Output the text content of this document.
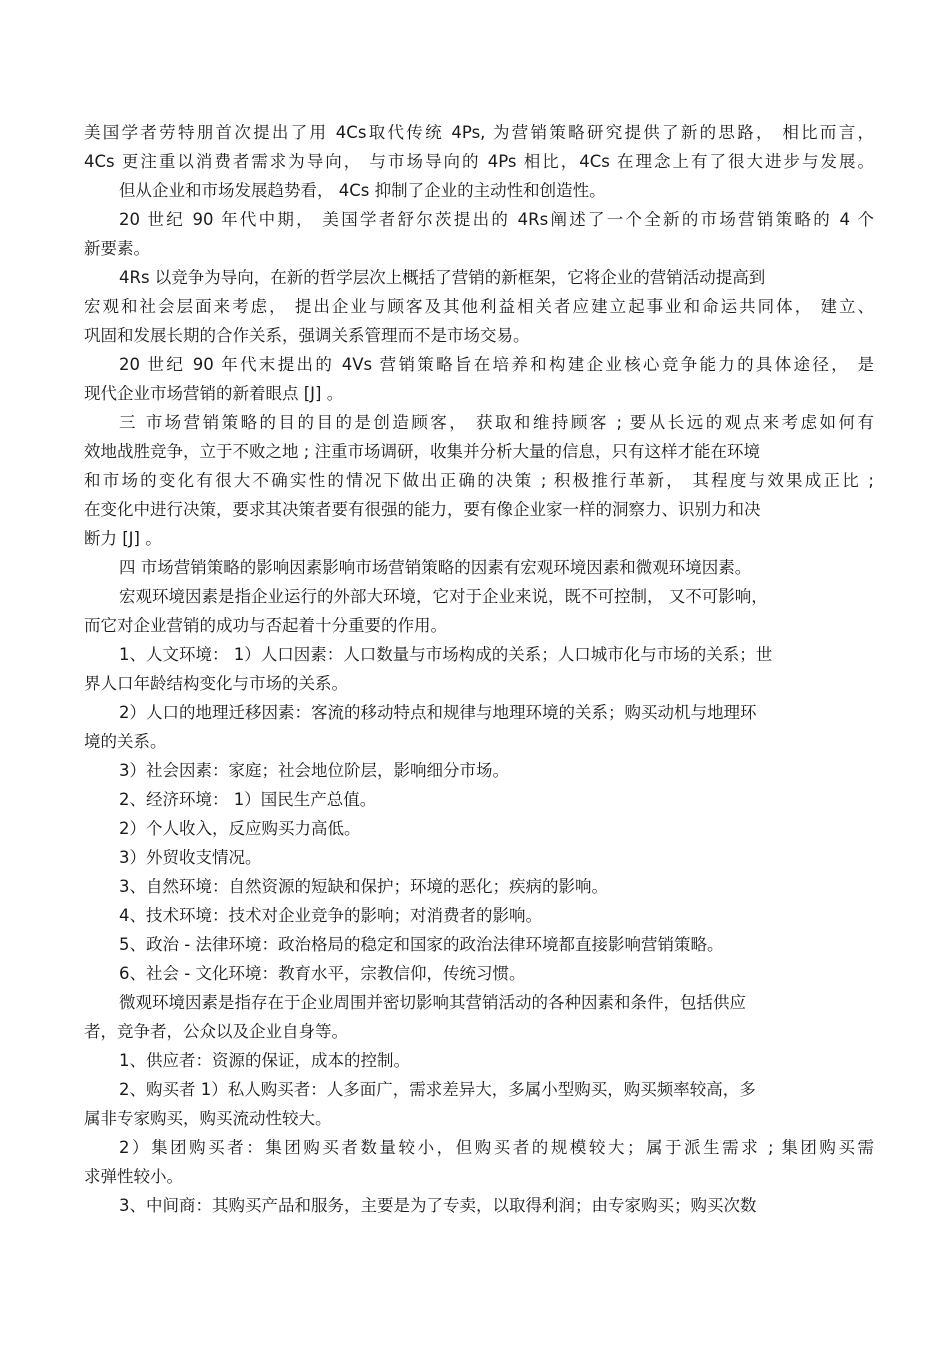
美国学者劳特朋首次提出了用 4Cs取代传统 4Ps, 为营销策略研究提供了新的思路， 相比而言，
4Cs 更注重以消费者需求为导向， 与市场导向的 4Ps 相比，4Cs 在理念上有了很大进步与发展。
但从企业和市场发展趋势看， 4Cs 抑制了企业的主动性和创造性。
20 世纪 90 年代中期， 美国学者舒尔茨提出的 4Rs阐述了一个全新的市场营销策略的 4 个
新要素。
4Rs 以竞争为导向，在新的哲学层次上概括了营销的新框架，它将企业的营销活动提高到
宏观和社会层面来考虑， 提出企业与顾客及其他利益相关者应建立起事业和命运共同体， 建立、
巩固和发展长期的合作关系，强调关系管理而不是市场交易。
20 世纪 90 年代末提出的 4Vs 营销策略旨在培养和构建企业核心竞争能力的具体途径， 是
现代企业市场营销的新着眼点 [J] 。
三 市场营销策略的目的目的是创造顾客， 获取和维持顾客 ; 要从长远的观点来考虑如何有
效地战胜竞争，立于不败之地 ; 注重市场调研，收集并分析大量的信息，只有这样才能在环境
和市场的变化有很大不确实性的情况下做出正确的决策 ; 积极推行革新， 其程度与效果成正比 ;
在变化中进行决策，要求其决策者要有很强的能力，要有像企业家一样的洞察力、识别力和决
断力 [J] 。
四 市场营销策略的影响因素影响市场营销策略的因素有宏观环境因素和微观环境因素。
宏观环境因素是指企业运行的外部大环境，它对于企业来说，既不可控制， 又不可影响，
而它对企业营销的成功与否起着十分重要的作用。
1、人文环境： 1）人口因素：人口数量与市场构成的关系；人口城市化与市场的关系；世
界人口年龄结构变化与市场的关系。
2）人口的地理迁移因素：客流的移动特点和规律与地理环境的关系；购买动机与地理环
境的关系。
3）社会因素：家庭；社会地位阶层，影响细分市场。
2、经济环境： 1）国民生产总值。
2）个人收入，反应购买力高低。
3）外贸收支情况。
3、自然环境：自然资源的短缺和保护；环境的恶化；疾病的影响。
4、技术环境：技术对企业竞争的影响；对消费者的影响。
5、政治 - 法律环境：政治格局的稳定和国家的政治法律环境都直接影响营销策略。
6、社会 - 文化环境：教育水平，宗教信仰，传统习惯。
微观环境因素是指存在于企业周围并密切影响其营销活动的各种因素和条件，包括供应
者，竞争者，公众以及企业自身等。
1、供应者：资源的保证，成本的控制。
2、购买者 1）私人购买者：人多面广，需求差异大，多属小型购买，购买频率较高，多
属非专家购买，购买流动性较大。
2）集团购买者：集团购买者数量较小，但购买者的规模较大；属于派生需求 ; 集团购买需
求弹性较小。
3、中间商：其购买产品和服务，主要是为了专卖，以取得利润；由专家购买；购买次数
